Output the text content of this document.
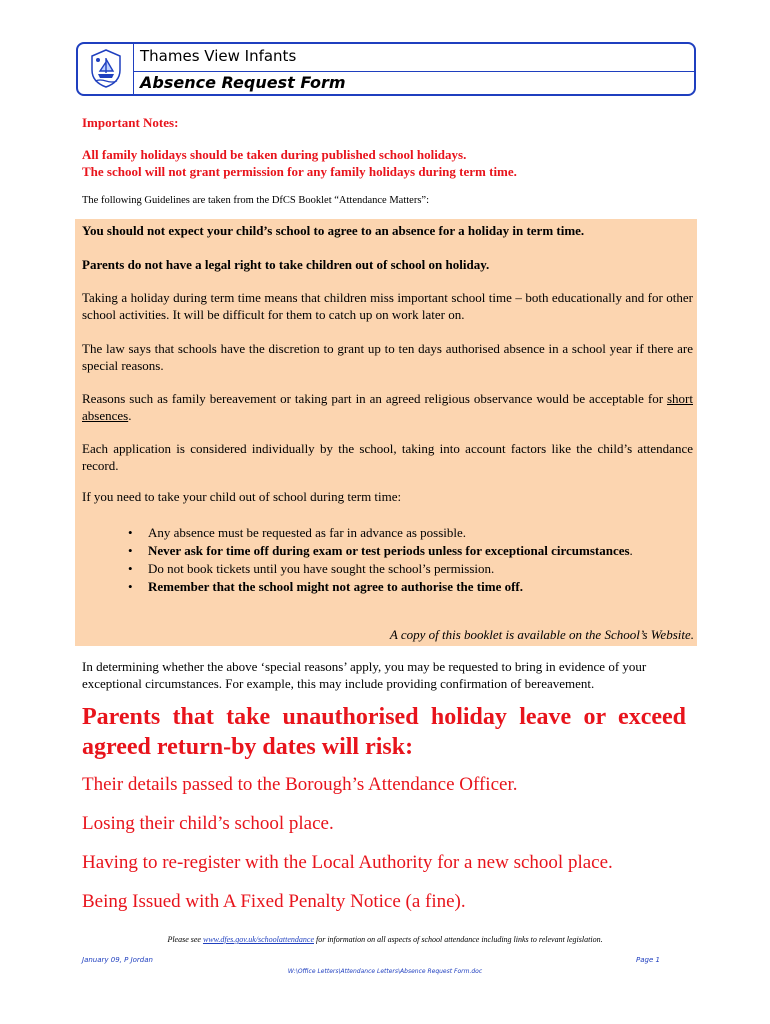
Thames View Infants
Absence Request Form
Important Notes:
All family holidays should be taken during published school holidays.
The school will not grant permission for any family holidays during term time.
The following Guidelines are taken from the DfCS Booklet “Attendance Matters”:
You should not expect your child’s school to agree to an absence for a holiday in term time.
Parents do not have a legal right to take children out of school on holiday.
Taking a holiday during term time means that children miss important school time – both educationally and for other school activities. It will be difficult for them to catch up on work later on.
The law says that schools have the discretion to grant up to ten days authorised absence in a school year if there are special reasons.
Reasons such as family bereavement or taking part in an agreed religious observance would be acceptable for short absences.
Each application is considered individually by the school, taking into account factors like the child’s attendance record.
If you need to take your child out of school during term time:
• Any absence must be requested as far in advance as possible.
• Never ask for time off during exam or test periods unless for exceptional circumstances.
• Do not book tickets until you have sought the school’s permission.
• Remember that the school might not agree to authorise the time off.
A copy of this booklet is available on the School’s Website.
In determining whether the above ‘special reasons’ apply, you may be requested to bring in evidence of your exceptional circumstances. For example, this may include providing confirmation of bereavement.
Parents that take unauthorised holiday leave or exceed agreed return-by dates will risk:
Their details passed to the Borough’s Attendance Officer.
Losing their child’s school place.
Having to re-register with the Local Authority for a new school place.
Being Issued with A Fixed Penalty Notice (a fine).
Please see www.dfes.gov.uk/schoolattendance for information on all aspects of school attendance including links to relevant legislation.
January 09, P Jordan	Page 1
W:\Office Letters\Attendance Letters\Absence Request Form.doc
